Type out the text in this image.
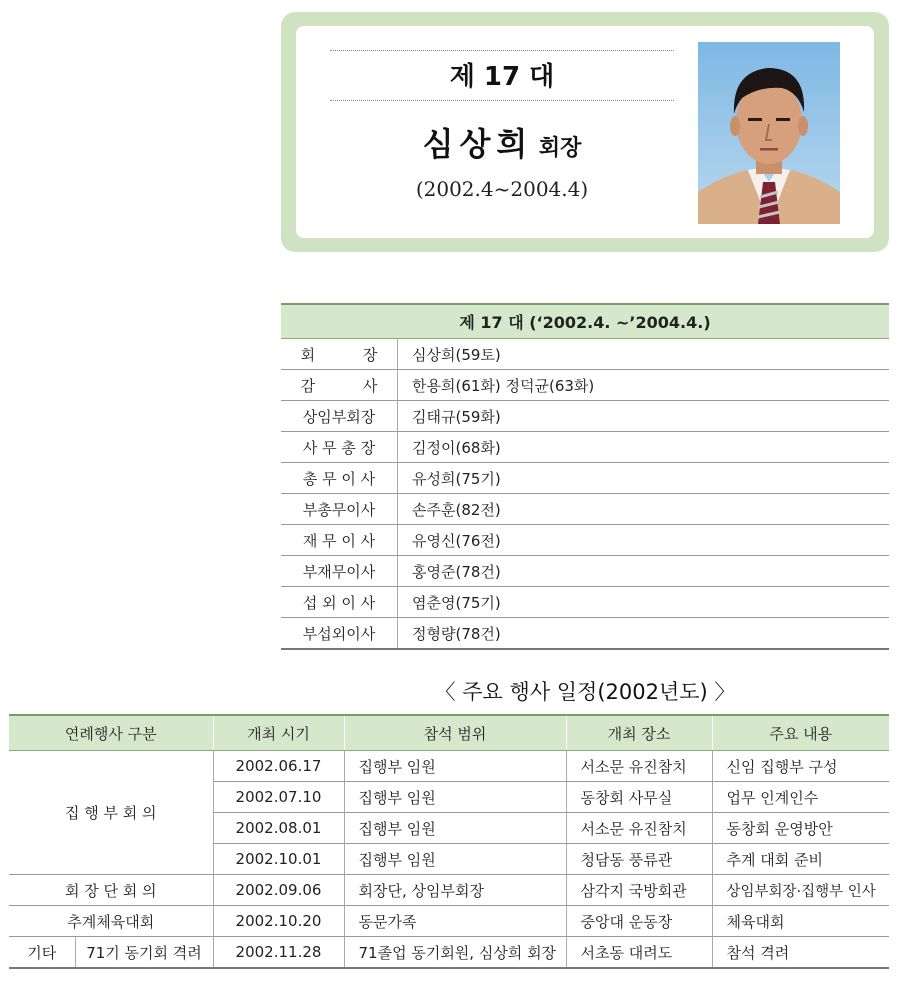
제 17 대
심상희 회장
(2002.4~2004.4)
제 17 대 (‘2002.4. ~’2004.4.)	
회          장	심상희(59토)
감          사	한용희(61화) 정덕균(63화)
상임부회장	김태규(59화)
사 무 총 장	김정이(68화)
총 무 이 사	유성희(75기)
부총무이사	손주훈(82전)
재 무 이 사	유영신(76전)
부재무이사	홍영준(78건)
섭 외 이 사	염춘영(75기)
부섭외이사	정형량(78건)
〈 주요 행사 일정(2002년도) 〉
연례행사 구분		개최 시기	참석 범위	개최 장소	주요 내용
집 행 부 회 의		2002.06.17	집행부 임원	서소문 유진참치	신임 집행부 구성
		2002.07.10	집행부 임원	동창회 사무실	업무 인계인수
		2002.08.01	집행부 임원	서소문 유진참치	동창회 운영방안
		2002.10.01	집행부 임원	청담동 풍류관	추계 대회 준비
회 장 단 회 의		2002.09.06	회장단, 상임부회장	삼각지 국방회관	상임부회장·집행부 인사
추계체육대회		2002.10.20	동문가족	중앙대 운동장	체육대회
기타	71기 동기회 격려	2002.11.28	71졸업 동기회원, 심상희 회장	서초동 대려도	참석 격려
